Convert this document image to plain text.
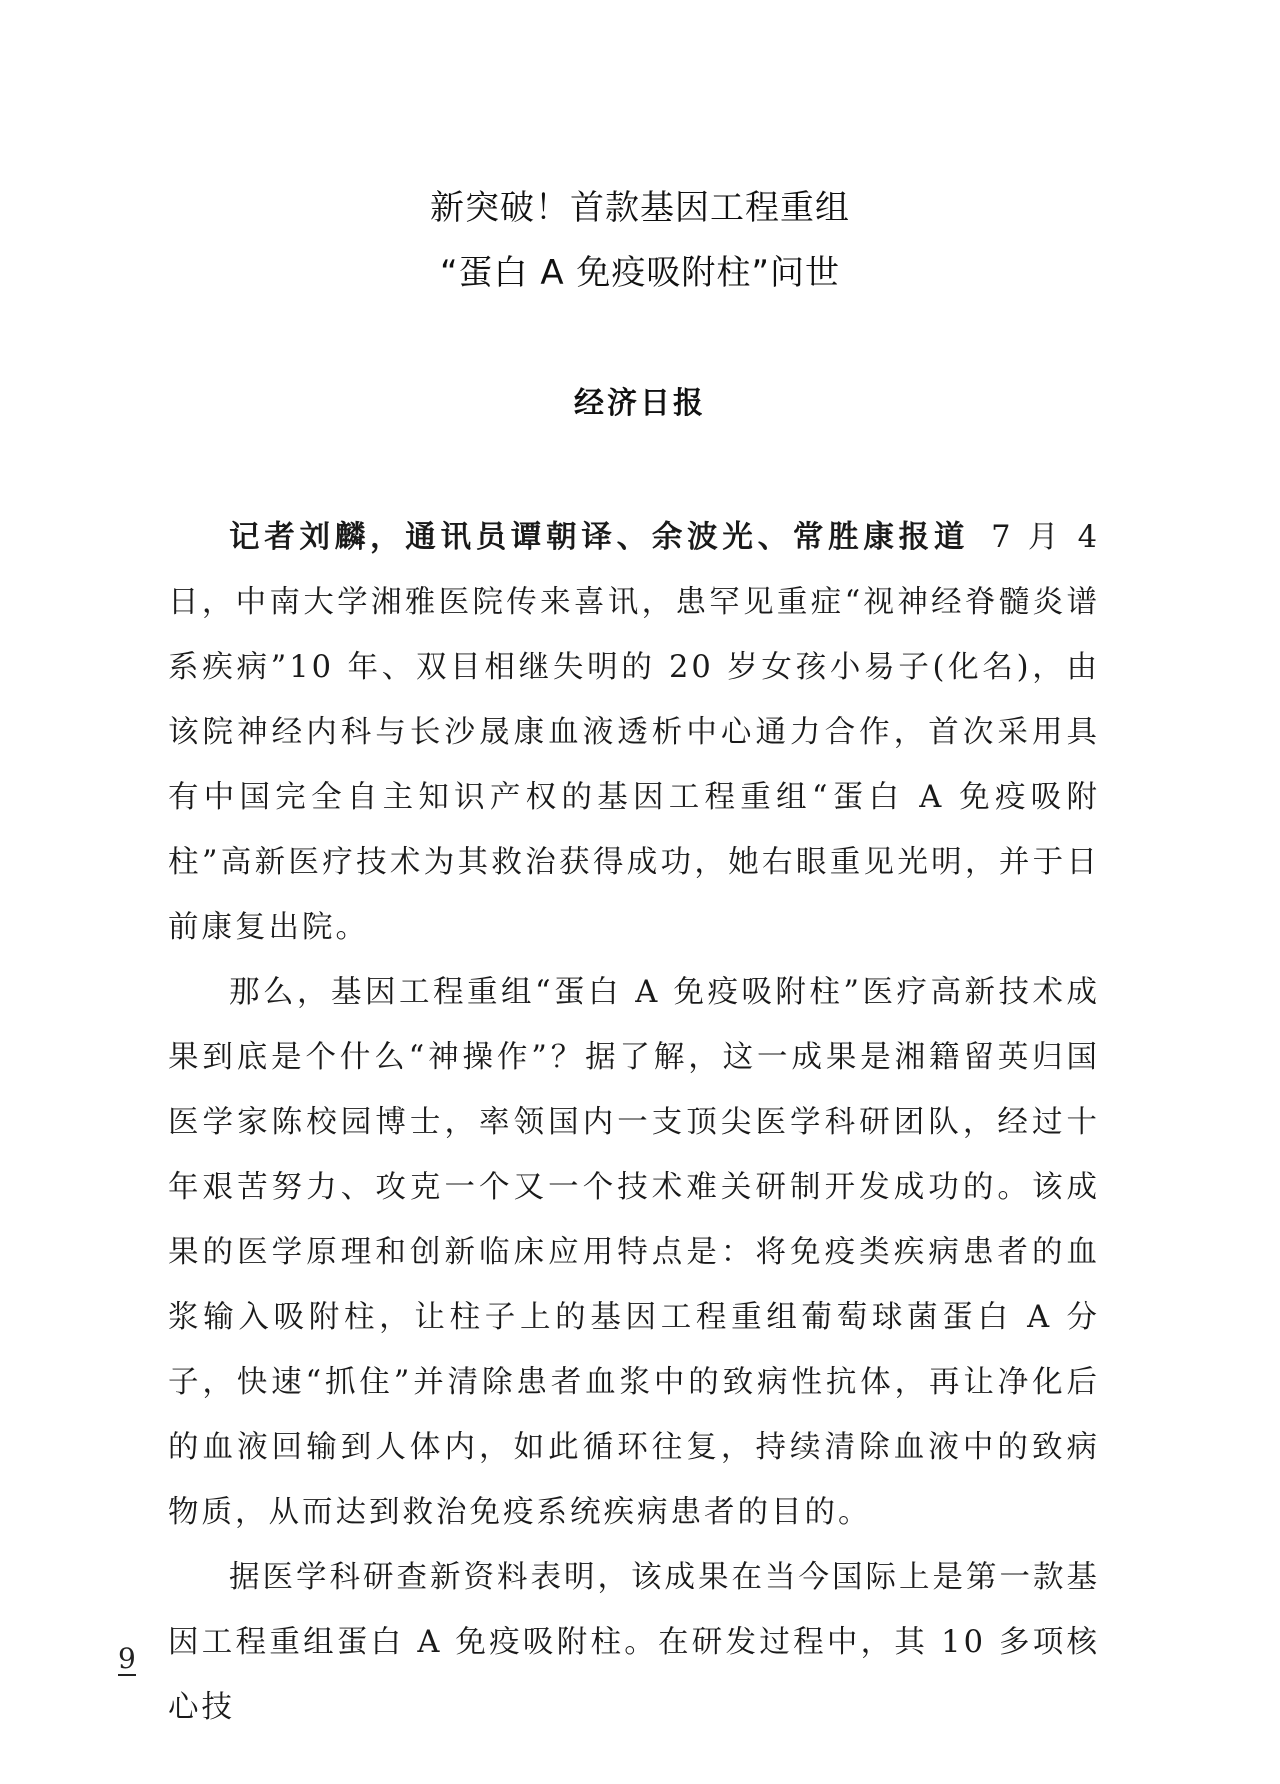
新突破！首款基因工程重组
“蛋白 A 免疫吸附柱”问世
经济日报

记者刘麟，通讯员谭朝译、余波光、常胜康报道 7 月 4 日，中南大学湘雅医院传来喜讯，患罕见重症“视神经脊髓炎谱系疾病”10 年、双目相继失明的 20 岁女孩小易子(化名)，由该院神经内科与长沙晟康血液透析中心通力合作，首次采用具有中国完全自主知识产权的基因工程重组“蛋白 A 免疫吸附柱”高新医疗技术为其救治获得成功，她右眼重见光明，并于日前康复出院。

那么，基因工程重组“蛋白 A 免疫吸附柱”医疗高新技术成果到底是个什么“神操作”？据了解，这一成果是湘籍留英归国医学家陈校园博士，率领国内一支顶尖医学科研团队，经过十年艰苦努力、攻克一个又一个技术难关研制开发成功的。该成果的医学原理和创新临床应用特点是：将免疫类疾病患者的血浆输入吸附柱，让柱子上的基因工程重组葡萄球菌蛋白 A 分子，快速“抓住”并清除患者血浆中的致病性抗体，再让净化后的血液回输到人体内，如此循环往复，持续清除血液中的致病物质，从而达到救治免疫系统疾病患者的目的。

据医学科研查新资料表明，该成果在当今国际上是第一款基因工程重组蛋白 A 免疫吸附柱。在研发过程中，其 10 多项核心技

9
